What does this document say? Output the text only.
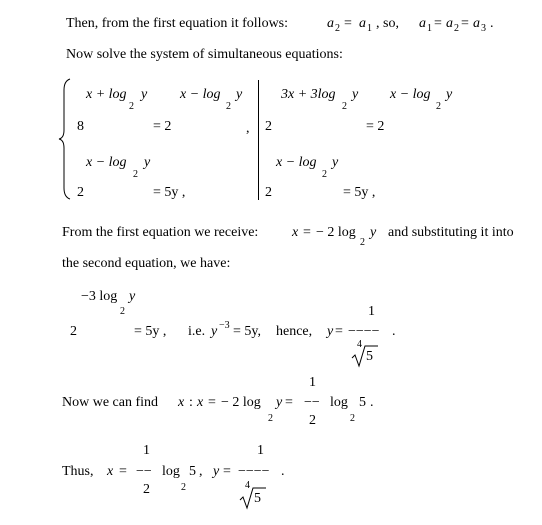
Then, from the first equation it follows:	a 2 = a 1 , so, a 1 = a 2 = a 3 .
Now solve the system of simultaneous equations:
x + log
2
y x − log
2
y
8	= 2	,
x − log
2
y
2	= 5y ,
3x + 3log
2
y x − log
2
y
2	= 2
x − log
2
y
2	= 5y ,
From the first equation we receive: x = − 2 log
2
y and substituting it into
the second equation, we have:
−3 log y
2
2	= 5y , i.e. y −3 = 5y, hence, y =
1
−−−− .
4
5
Now we can find x : x = − 2 log
2
y =
1
−−
2
log
2
5 .
Thus, x =
1
−−
2
log
2
5 , y =
1
−−−− .
4
5
